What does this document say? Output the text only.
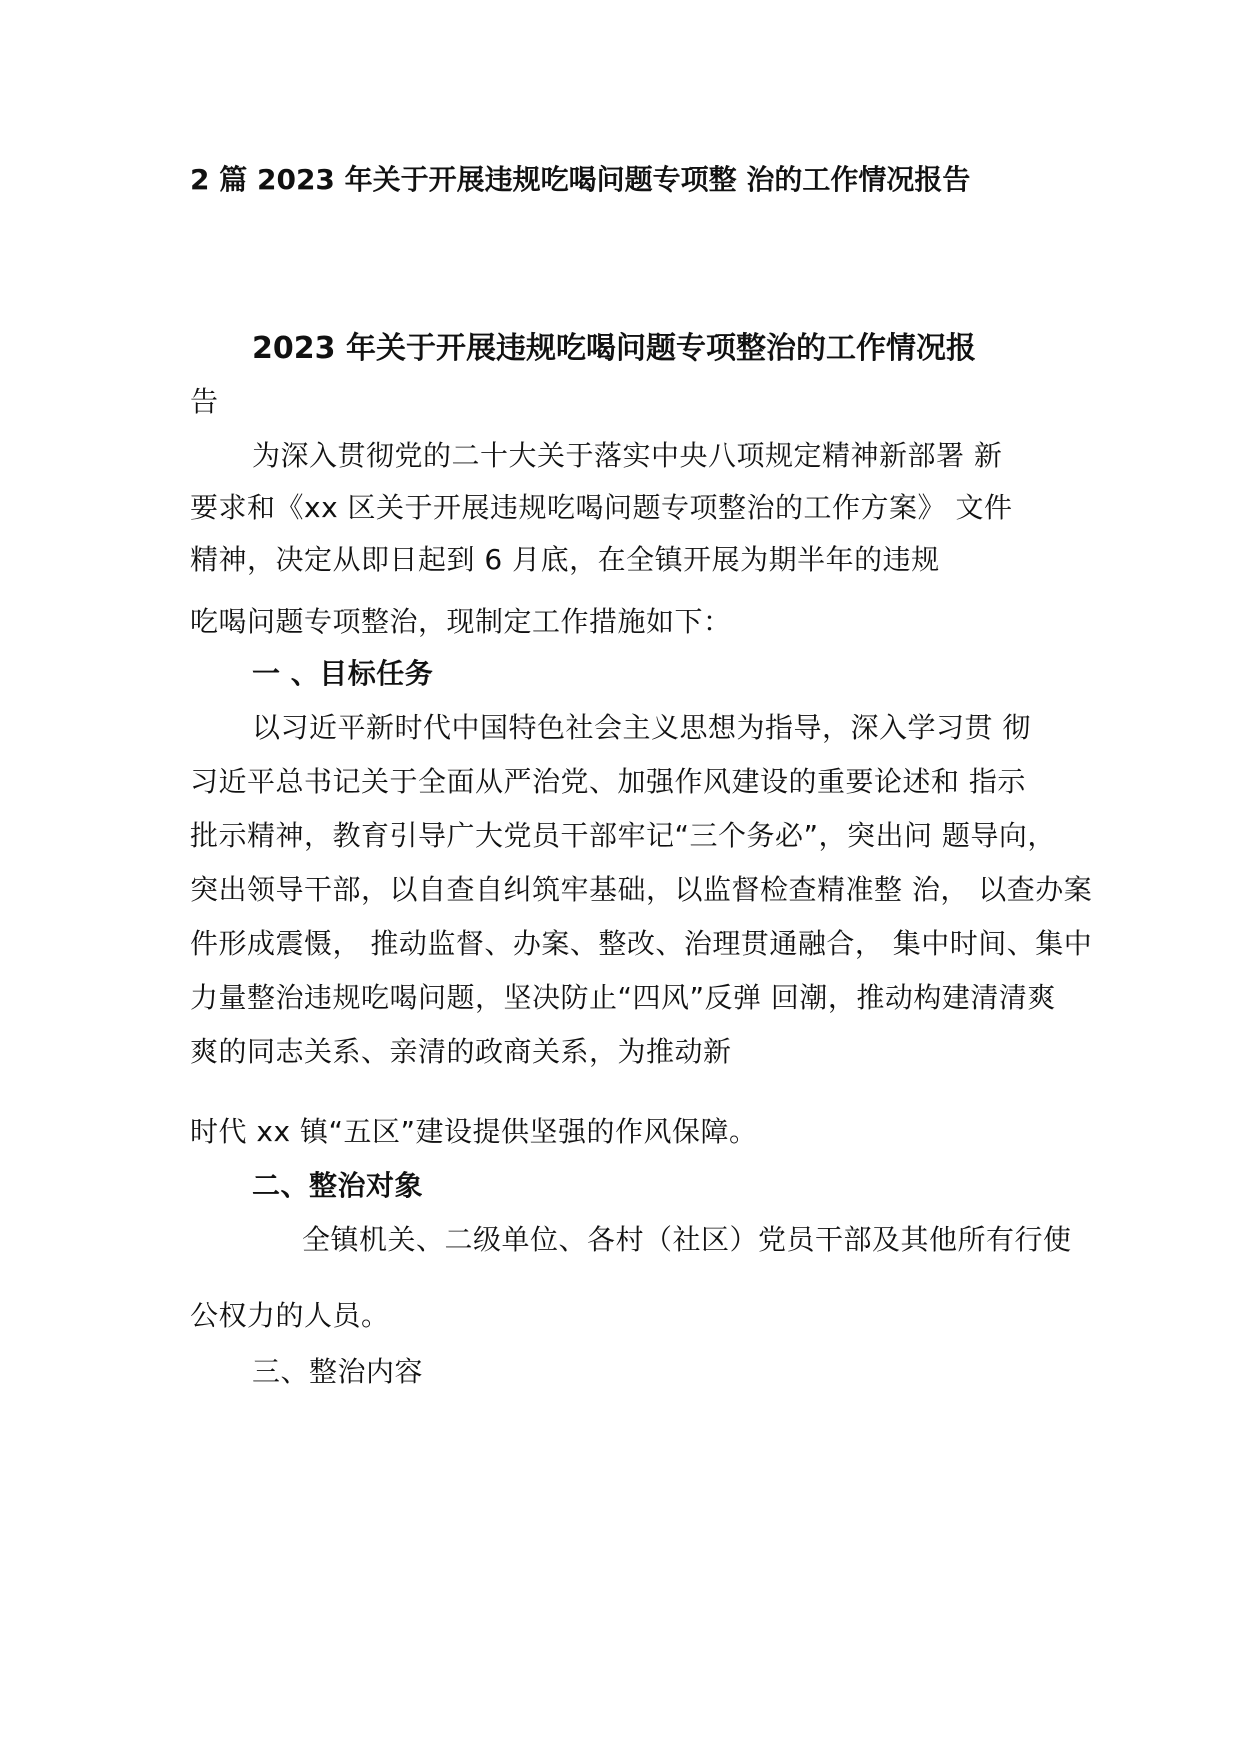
2 篇 2023 年关于开展违规吃喝问题专项整 治的工作情况报告
2023 年关于开展违规吃喝问题专项整治的工作情况报
告
为深入贯彻党的二十大关于落实中央八项规定精神新部署 新
要求和《xx 区关于开展违规吃喝问题专项整治的工作方案》 文件
精神，决定从即日起到 6 月底，在全镇开展为期半年的违规
吃喝问题专项整治，现制定工作措施如下：
一 、目标任务
以习近平新时代中国特色社会主义思想为指导，深入学习贯 彻
习近平总书记关于全面从严治党、加强作风建设的重要论述和 指示
批示精神，教育引导广大党员干部牢记“三个务必”，突出问 题导向，
突出领导干部，以自查自纠筑牢基础，以监督检查精准整 治， 以查办案
件形成震慑， 推动监督、办案、整改、治理贯通融合， 集中时间、集中
力量整治违规吃喝问题，坚决防止“四风”反弹 回潮，推动构建清清爽
爽的同志关系、亲清的政商关系，为推动新
时代 xx 镇“五区”建设提供坚强的作风保障。
二、整治对象
全镇机关、二级单位、各村（社区）党员干部及其他所有行使
公权力的人员。
三、整治内容
